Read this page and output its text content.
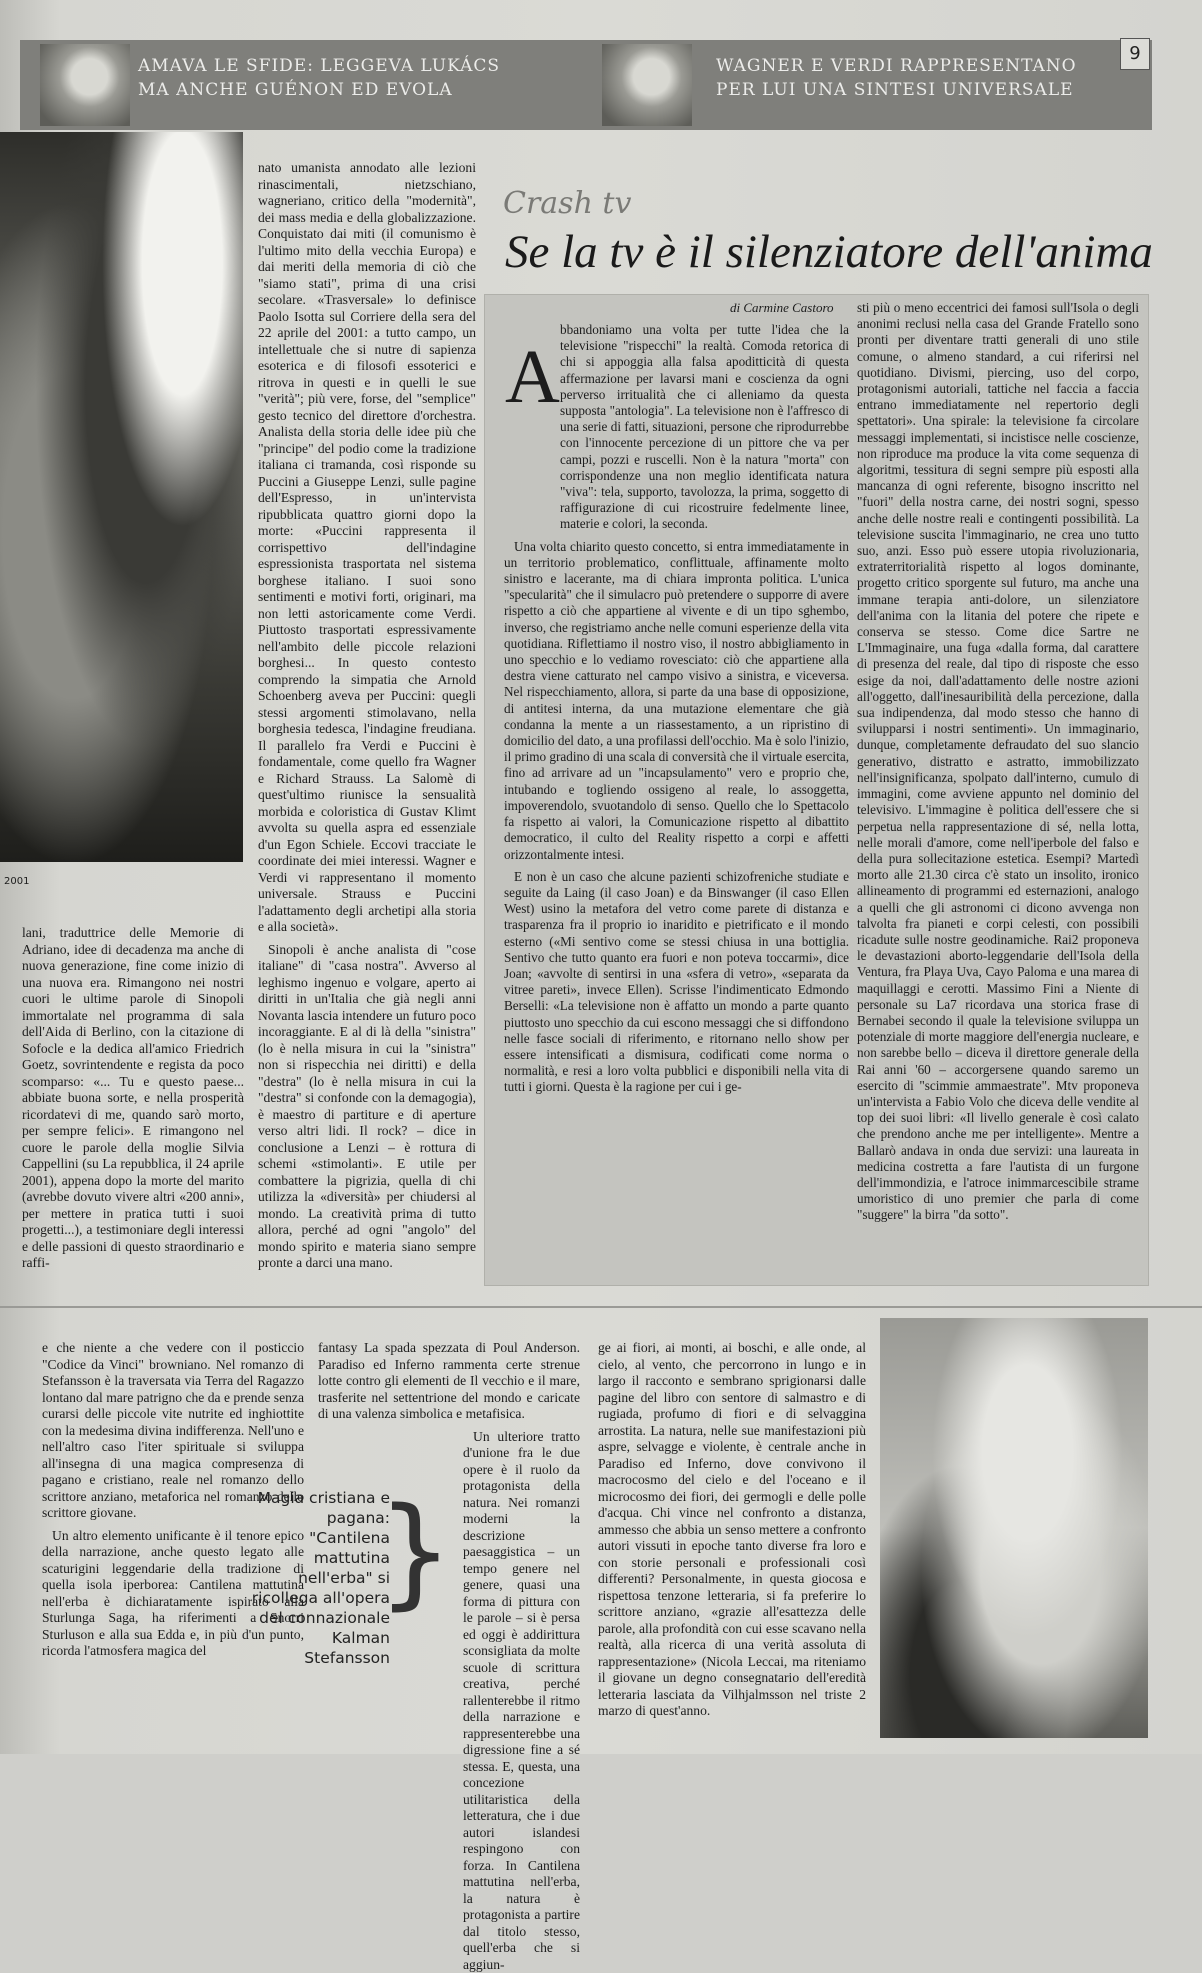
AMAVA LE SFIDE: LEGGEVA LUKÁCS MA ANCHE GUÉNON ED EVOLA
WAGNER E VERDI RAPPRESENTANO PER LUI UNA SINTESI UNIVERSALE
9
2001

nato umanista annodato alle lezioni rinascimentali, nietzschiano, wagneriano, critico della "modernità", dei mass media e della globalizzazione. Conquistato dai miti (il comunismo è l'ultimo mito della vecchia Europa) e dai meriti della memoria di ciò che "siamo stati", prima di una crisi secolare. «Trasversale» lo definisce Paolo Isotta sul Corriere della sera del 22 aprile del 2001: a tutto campo, un intellettuale che si nutre di sapienza esoterica e di filosofi essoterici e ritrova in questi e in quelli le sue "verità"; più vere, forse, del "semplice" gesto tecnico del direttore d'orchestra. Analista della storia delle idee più che "principe" del podio come la tradizione italiana ci tramanda, così risponde su Puccini a Giuseppe Lenzi, sulle pagine dell'Espresso, in un'intervista ripubblicata quattro giorni dopo la morte: «Puccini rappresenta il corrispettivo dell'indagine espressionista trasportata nel sistema borghese italiano. I suoi sono sentimenti e motivi forti, originari, ma non letti astoricamente come Verdi. Piuttosto trasportati espressivamente nell'ambito delle piccole relazioni borghesi... In questo contesto comprendo la simpatia che Arnold Schoenberg aveva per Puccini: quegli stessi argomenti stimolavano, nella borghesia tedesca, l'indagine freudiana. Il parallelo fra Verdi e Puccini è fondamentale, come quello fra Wagner e Richard Strauss. La Salomè di quest'ultimo riunisce la sensualità morbida e coloristica di Gustav Klimt avvolta su quella aspra ed essenziale d'un Egon Schiele. Eccovi tracciate le coordinate dei miei interessi. Wagner e Verdi vi rappresentano il momento universale. Strauss e Puccini l'adattamento degli archetipi alla storia e alla società».

Sinopoli è anche analista di "cose italiane" di "casa nostra". Avverso al leghismo ingenuo e volgare, aperto ai diritti in un'Italia che già negli anni Novanta lascia intendere un futuro poco incoraggiante. E al di là della "sinistra" (lo è nella misura in cui la "sinistra" non si rispecchia nei diritti) e della "destra" (lo è nella misura in cui la "destra" si confonde con la demagogia), è maestro di partiture e di aperture verso altri lidi. Il rock? – dice in conclusione a Lenzi – è rottura di schemi «stimolanti». E utile per combattere la pigrizia, quella di chi utilizza la «diversità» per chiudersi al mondo. La creatività prima di tutto allora, perché ad ogni "angolo" del mondo spirito e materia siano sempre pronte a darci una mano.

lani, traduttrice delle Memorie di Adriano, idee di decadenza ma anche di nuova generazione, fine come inizio di una nuova era. Rimangono nei nostri cuori le ultime parole di Sinopoli immortalate nel programma di sala dell'Aida di Berlino, con la citazione di Sofocle e la dedica all'amico Friedrich Goetz, sovrintendente e regista da poco scomparso: «... Tu e questo paese... abbiate buona sorte, e nella prosperità ricordatevi di me, quando sarò morto, per sempre felici». E rimangono nel cuore le parole della moglie Silvia Cappellini (su La repubblica, il 24 aprile 2001), appena dopo la morte del marito (avrebbe dovuto vivere altri «200 anni», per mettere in pratica tutti i suoi progetti...), a testimoniare degli interessi e delle passioni di questo straordinario e raffi-

Crash tv
Se la tv è il silenziatore dell'anima
di Carmine Castoro
A

bbandoniamo una volta per tutte l'idea che la televisione "rispecchi" la realtà. Comoda retorica di chi si appoggia alla falsa apoditticità di questa affermazione per lavarsi mani e coscienza da ogni perverso irritualità che ci alleniamo da questa supposta "antologia". La televisione non è l'affresco di una serie di fatti, situazioni, persone che riprodurrebbe con l'innocente percezione di un pittore che va per campi, pozzi e ruscelli. Non è la natura "morta" con corrispondenze una non meglio identificata natura "viva": tela, supporto, tavolozza, la prima, soggetto di raffigurazione di cui ricostruire fedelmente linee, materie e colori, la seconda.

Una volta chiarito questo concetto, si entra immediatamente in un territorio problematico, conflittuale, affinamente molto sinistro e lacerante, ma di chiara impronta politica. L'unica "specularità" che il simulacro può pretendere o supporre di avere rispetto a ciò che appartiene al vivente e di un tipo sghembo, inverso, che registriamo anche nelle comuni esperienze della vita quotidiana. Riflettiamo il nostro viso, il nostro abbigliamento in uno specchio e lo vediamo rovesciato: ciò che appartiene alla destra viene catturato nel campo visivo a sinistra, e viceversa. Nel rispecchiamento, allora, si parte da una base di opposizione, di antitesi interna, da una mutazione elementare che già condanna la mente a un riassestamento, a un ripristino di domicilio del dato, a una profilassi dell'occhio. Ma è solo l'inizio, il primo gradino di una scala di conversità che il virtuale esercita, fino ad arrivare ad un "incapsulamento" vero e proprio che, intubando e togliendo ossigeno al reale, lo assoggetta, impoverendolo, svuotandolo di senso. Quello che lo Spettacolo fa rispetto ai valori, la Comunicazione rispetto al dibattito democratico, il culto del Reality rispetto a corpi e affetti orizzontalmente intesi.

E non è un caso che alcune pazienti schizofreniche studiate e seguite da Laing (il caso Joan) e da Binswanger (il caso Ellen West) usino la metafora del vetro come parete di distanza e trasparenza fra il proprio io inaridito e pietrificato e il mondo esterno («Mi sentivo come se stessi chiusa in una bottiglia. Sentivo che tutto quanto era fuori e non poteva toccarmi», dice Joan; «avvolte di sentirsi in una «sfera di vetro», «separata da vitree pareti», invece Ellen). Scrisse l'indimenticato Edmondo Berselli: «La televisione non è affatto un mondo a parte quanto piuttosto uno specchio da cui escono messaggi che si diffondono nelle fasce sociali di riferimento, e ritornano nello show per essere intensificati a dismisura, codificati come norma o normalità, e resi a loro volta pubblici e disponibili nella vita di tutti i giorni. Questa è la ragione per cui i ge-

sti più o meno eccentrici dei famosi sull'Isola o degli anonimi reclusi nella casa del Grande Fratello sono pronti per diventare tratti generali di uno stile comune, o almeno standard, a cui riferirsi nel quotidiano. Divismi, piercing, uso del corpo, protagonismi autoriali, tattiche nel faccia a faccia entrano immediatamente nel repertorio degli spettatori». Una spirale: la televisione fa circolare messaggi implementati, si incistisce nelle coscienze, non riproduce ma produce la vita come sequenza di algoritmi, tessitura di segni sempre più esposti alla mancanza di ogni referente, bisogno inscritto nel "fuori" della nostra carne, dei nostri sogni, spesso anche delle nostre reali e contingenti possibilità. La televisione suscita l'immaginario, ne crea uno tutto suo, anzi. Esso può essere utopia rivoluzionaria, extraterritorialità rispetto al logos dominante, progetto critico sporgente sul futuro, ma anche una immane terapia anti-dolore, un silenziatore dell'anima con la litania del potere che ripete e conserva se stesso. Come dice Sartre ne L'Immaginaire, una fuga «dalla forma, dal carattere di presenza del reale, dal tipo di risposte che esso esige da noi, dall'adattamento delle nostre azioni all'oggetto, dall'inesauribilità della percezione, dalla sua indipendenza, dal modo stesso che hanno di svilupparsi i nostri sentimenti». Un immaginario, dunque, completamente defraudato del suo slancio generativo, distratto e astratto, immobilizzato nell'insignificanza, spolpato dall'interno, cumulo di immagini, come avviene appunto nel dominio del televisivo. L'immagine è politica dell'essere che si perpetua nella rappresentazione di sé, nella lotta, nelle morali d'amore, come nell'iperbole del falso e della pura sollecitazione estetica. Esempi? Martedì morto alle 21.30 circa c'è stato un insolito, ironico allineamento di programmi ed esternazioni, analogo a quelli che gli astronomi ci dicono avvenga non talvolta fra pianeti e corpi celesti, con possibili ricadute sulle nostre geodinamiche. Rai2 proponeva le devastazioni aborto-leggendarie dell'Isola della Ventura, fra Playa Uva, Cayo Paloma e una marea di maquillaggi e cerotti. Massimo Fini a Niente di personale su La7 ricordava una storica frase di Bernabei secondo il quale la televisione sviluppa un potenziale di morte maggiore dell'energia nucleare, e non sarebbe bello – diceva il direttore generale della Rai anni '60 – accorgersene quando saremo un esercito di "scimmie ammaestrate". Mtv proponeva un'intervista a Fabio Volo che diceva delle vendite al top dei suoi libri: «Il livello generale è così calato che prendono anche me per intelligente». Mentre a Ballarò andava in onda due servizi: una laureata in medicina costretta a fare l'autista di un furgone dell'immondizia, e l'atroce inimmarcescibile strame umoristico di uno premier che parla di come "suggere" la birra "da sotto".

e che niente a che vedere con il posticcio "Codice da Vinci" browniano. Nel romanzo di Stefansson è la traversata via Terra del Ragazzo lontano dal mare patrigno che da e prende senza curarsi delle piccole vite nutrite ed inghiottite con la medesima divina indifferenza. Nell'uno e nell'altro caso l'iter spirituale si sviluppa all'insegna di una magica compresenza di pagano e cristiano, reale nel romanzo dello scrittore anziano, metaforica nel romanzo dello scrittore giovane.

Un altro elemento unificante è il tenore epico della narrazione, anche questo legato alle scaturigini leggendarie della tradizione di quella isola iperborea: Cantilena mattutina nell'erba è dichiaratamente ispirato alla Sturlunga Saga, ha riferimenti a Snorri Sturluson e alla sua Edda e, in più d'un punto, ricorda l'atmosfera magica del

fantasy La spada spezzata di Poul Anderson. Paradiso ed Inferno rammenta certe strenue lotte contro gli elementi de Il vecchio e il mare, trasferite nel settentrione del mondo e caricate di una valenza simbolica e metafisica.

Un ulteriore tratto d'unione fra le due opere è il ruolo da protagonista della natura. Nei romanzi moderni la descrizione paesaggistica – un tempo genere nel genere, quasi una forma di pittura con le parole – si è persa ed oggi è addirittura sconsigliata da molte scuole di scrittura creativa, perché rallenterebbe il ritmo della narrazione e rappresenterebbe una digressione fine a sé stessa. E, questa, una concezione utilitaristica della letteratura, che i due autori islandesi respingono con forza. In Cantilena mattutina nell'erba, la natura è protagonista a partire dal titolo stesso, quell'erba che si aggiun-

Magia cristiana e pagana: "Cantilena mattutina nell'erba" si ricollega all'opera del connazionale Kalman Stefansson
}

ge ai fiori, ai monti, ai boschi, e alle onde, al cielo, al vento, che percorrono in lungo e in largo il racconto e sembrano sprigionarsi dalle pagine del libro con sentore di salmastro e di rugiada, profumo di fiori e di selvaggina arrostita. La natura, nelle sue manifestazioni più aspre, selvagge e violente, è centrale anche in Paradiso ed Inferno, dove convivono il macrocosmo del cielo e del l'oceano e il microcosmo dei fiori, dei germogli e delle polle d'acqua. Chi vince nel confronto a distanza, ammesso che abbia un senso mettere a confronto autori vissuti in epoche tanto diverse fra loro e con storie personali e professionali così differenti? Personalmente, in questa giocosa e rispettosa tenzone letteraria, si fa preferire lo scrittore anziano, «grazie all'esattezza delle parole, alla profondità con cui esse scavano nella realtà, alla ricerca di una verità assoluta di rappresentazione» (Nicola Leccai, ma riteniamo il giovane un degno consegnatario dell'eredità letteraria lasciata da Vilhjalmsson nel triste 2 marzo di quest'anno.
